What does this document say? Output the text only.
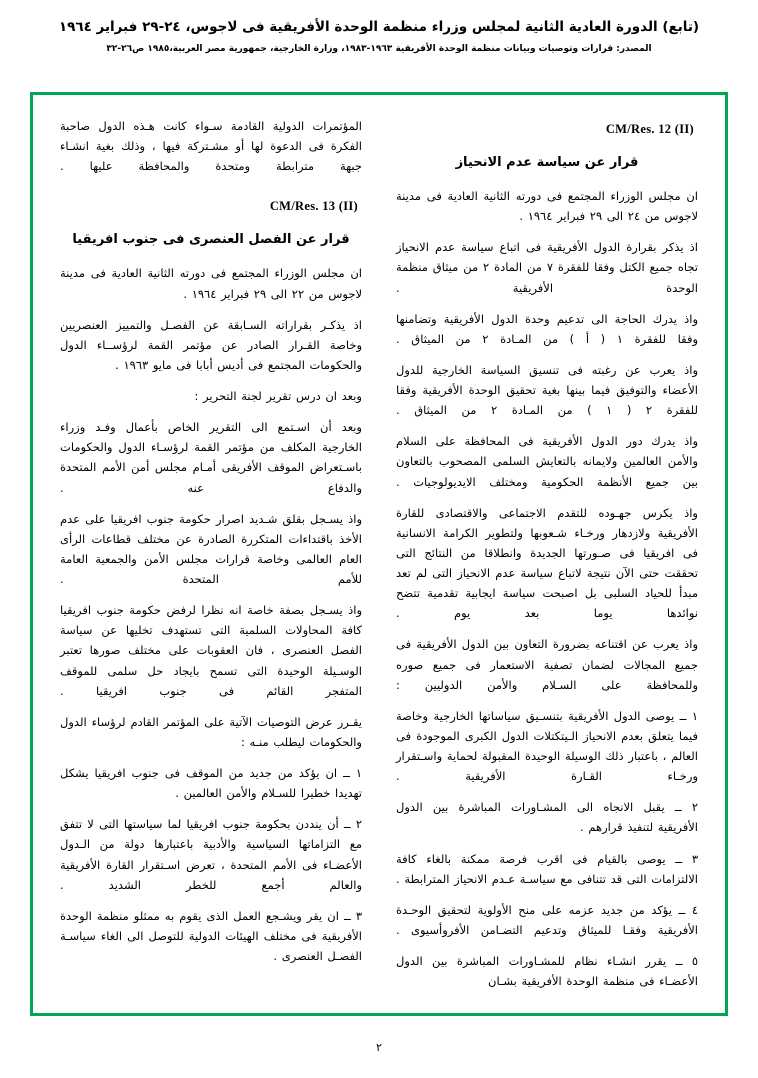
(تابع) الدورة العادية الثانية لمجلس وزراء منظمة الوحدة الأفريقية فى لاجوس، ٢٤-٢٩ فبراير ١٩٦٤
المصدر: قرارات وتوصيات وبيانات منظمة الوحدة الأفريقية ١٩٦٣-١٩٨٣، وزارة الخارجية، جمهورية مصر العربية،١٩٨٥ ص٢٦-٣٢
CM/Res. 12 (II)
قرار عن سياسة عدم الانحياز

ان مجلس الوزراء المجتمع فى دورته الثانية العادية فى مدينة لاجوس من ٢٤ الى ٢٩ فبراير ١٩٦٤ .

اذ يذكر بقرارة الدول الأفريقية فى اتباع سياسة عدم الانحياز تجاه جميع الكتل وفقا للفقرة ٧ من المادة ٢ من ميثاق منظمة الوحدة الأفريقية .

واذ يدرك الحاجة الى تدعيم وحدة الدول الأفريقية وتضامنها وفقا للفقرة ١ ( أ ) من المـادة ٢ من الميثاق .

واذ يعرب عن رغبته فى تنسيق السياسة الخارجية للدول الأعضاء والتوفيق فيما بينها بغية تحقيق الوحدة الأفريقية وفقا للفقرة ٢ ( ١ ) من المـادة ٢ من الميثاق .

واذ يدرك دور الدول الأفريقية فى المحافظة على السلام والأمن العالمين ولايمانه بالتعايش السلمى المصحوب بالتعاون بين جميع الأنظمة الحكومية ومختلف الايديولوجيات .

واذ يكرس جهـوده للتقدم الاجتماعى والاقتصادى للقارة الأفريقية ولازدهار ورخـاء شـعوبها ولتطوير الكرامة الانسانية فى افريقيا فى صـورتها الجديدة وانطلاقا من النتائج التى تحققت حتى الآن نتيجة لاتباع سياسة عدم الانحياز التى لم تعد مبدأ للحياد السلبى بل اصبحت سياسة ايجابية تقدمية تتضح نوائدها يوما بعد يوم .

واذ يعرب عن اقتناعه بضرورة التعاون بين الدول الأفريقية فى جميع المجالات لضمان تصفية الاستعمار فى جميع صوره وللمحافظة على السـلام والأمن الدوليين :

١ ــ يوصى الدول الأفريقية بتنسـيق سياساتها الخارجية وخاصة فيما يتعلق بعدم الانحياز الـيتكتلات الدول الكبرى الموجودة فى العالم ، باعتبار ذلك الوسيلة الوحيدة المقبولة لحماية واسـتقرار ورخـاء القـارة الأفريقية .

٢ ــ يقبل الانجاه الى المشـاورات المباشرة بين الدول الأفريقية لتنفيذ قرارهم .

٣ ــ يوصى بالقيام فى اقرب فرصة ممكنة بالغاء كافة الالتزامات التى قد تتنافى مع سياسـة عـدم الانحياز المترابطة .

٤ ــ يؤكد من جديد عزمه على منح الأولوية لتحقيق الوحـدة الأفريقية وفقـا للميثاق وتدعيم التضـامن الأفروأسيوى .

٥ ــ يقرر انشـاء نظام للمشـاورات المباشرة بين الدول الأعضـاء فى منظمة الوحدة الأفريقية بشـان

المؤتمرات الدولية القادمة سـواء كانت هـذه الدول صاحبة الفكرة فى الدعوة لها أو مشـتركة فيها ، وذلك بغية انشـاء جبهة مترابطة ومتحدة والمحافظة عليها .

CM/Res. 13 (II)
قرار عن الفصل العنصرى فى جنوب افريقيا

ان مجلس الوزراء المجتمع فى دورته الثانية العادية فى مدينة لاجوس من ٢٢ الى ٢٩ فبراير ١٩٦٤ .

اذ يذكـر بقراراته السـابقة عن الفصـل والتمييز العنصريين وخاصة القـرار الصادر عن مؤتمر القمة لرؤســاء الدول والحكومات المجتمع فى أديس أبابا فى مايو ١٩٦٣ .

وبعد ان درس تقرير لجنة التحرير :

وبعد أن اسـتمع الى التقرير الخاص بأعمال وفـد وزراء الخارجية المكلف من مؤتمر القمة لرؤسـاء الدول والحكومات باسـتعراض الموقف الأفريقى أمـام مجلس أمن الأمم المتحدة والدفاع عنه .

واذ يسـجل بقلق شـديد اصرار حكومة جنوب افريقيا على عدم الأخذ باقتداءات المتكررة الصادرة عن مختلف قطاعات الرأى العام العالمى وخاصة قرارات مجلس الأمن والجمعية العامة للأمم المتحدة .

واذ يسـجل بصفة خاصة انه نظرا لرفض حكومة جنوب افريقيا كافة المحاولات السلمية التى تستهدف تخليها عن سياسة الفصل العنصرى ، فان العقوبات على مختلف صورها تعتبر الوسـيلة الوحيدة التى تسمح بايجاد حل سلمى للموقف المتفجر القائم فى جنوب افريقيا .

يقـرر عرض التوصيات الآتية على المؤتمر القادم لرؤساء الدول والحكومات ليطلب منـه :

١ ــ ان يؤكد من جديد من الموقف فى جنوب افريقيا يشكل تهديدا خطيرا للسـلام والأمن العالمين .

٢ ــ أن ينددن بحكومة جنوب افريقيا لما سياستها التى لا تتفق مع التزاماتها السياسية والأدبية باعتبارها دولة من الـدول الأعضـاء فى الأمم المتحدة ، تعرض اسـتقرار القارة الأفريقية والعالم أجمع للخطر الشديد .

٣ ــ ان يقر ويشـجع العمل الذى يقوم به ممثلو منظمة الوحدة الأفريقية فى مختلف الهيئات الدولية للتوصل الى الغاء سياسـة الفصـل العنصرى .

٢
